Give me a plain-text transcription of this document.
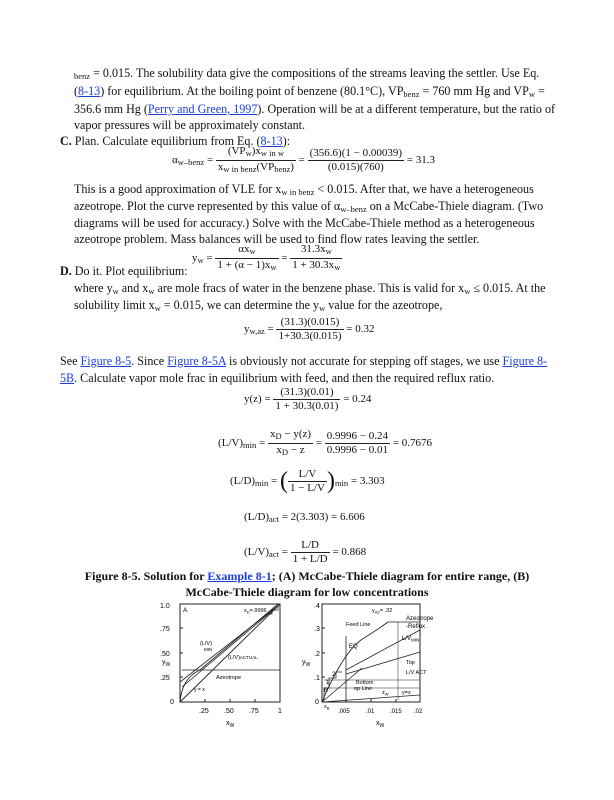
$_{benz}$ = 0.015. The solubility data give the compositions of the streams leaving the settler. Use Eq.
(8-13) for equilibrium. At the boiling point of benzene (80.1°C), $VP_{benz} = 760$ mm Hg and $VP_w$ =
356.6 mm Hg (Perry and Green, 1997). Operation will be at a different temperature, but the ratio of
vapor pressures will be approximately constant.
C. Plan. Calculate equilibrium from Eq. (8-13):
$\alpha_{w-benz} = \frac{(VP_w)x_{w in w}}{x_{w in benz}(VP_{benz})} = \frac{(356.6)(1 - 0.00039)}{(0.015)(760)} = 31.3$
This is a good approximation of VLE for $x_{w in benz} < 0.015$. After that, we have a heterogeneous
azeotrope. Plot the curve represented by this value of $\alpha_{w-benz}$ on a McCabe-Thiele diagram. (Two
diagrams will be used for accuracy.) Solve with the McCabe-Thiele method as a heterogeneous
azeotrope problem. Mass balances will be used to find flow rates leaving the settler.
D. Do it. Plot equilibrium:
$y_w = \frac{\alpha x_w}{1 + (\alpha - 1)x_w} = \frac{31.3x_w}{1 + 30.3x_w}$
where $y_w$ and $x_w$ are mole fracs of water in the benzene phase. This is valid for $x_w \le 0.015$. At the
solubility limit $x_w = 0.015$, we can determine the $y_w$ value for the azeotrope,
$y_{w,az} = \frac{(31.3)(0.015)}{1+30.3(0.015)} = 0.32$
See Figure 8-5. Since Figure 8-5A is obviously not accurate for stepping off stages, we use Figure 8-
5B. Calculate vapor mole frac in equilibrium with feed, and then the required reflux ratio.
$y(z) = \frac{(31.3)(0.01)}{1 + 30.3(0.01)} = 0.24$
$(L/V)_{min} = \frac{x_D - y(z)}{x_D - z} = \frac{0.9996 - 0.24}{0.9996 - 0.01} = 0.7676$
$(L/D)_{min}$ = ( $\frac{L/V}{1 - L/V} )_{min} = 3.303$
$(L/D)_{act} = 2(3.303) = 6.606$
$(L/V)_{act} = \frac{L/D}{1 + L/D} = 0.868$
Figure 8-5. Solution for Example 8-1; (A) McCabe-Thiele diagram for entire range, (B)
McCabe-Thiele diagram for low concentrations
1.0
.75
.50
.25
0
.25 .50 .75	1
$y_W$
$x_W$
A	$x_D=.9996$
(L/V)
MIN
(L/V)ACTUAL
Azeotrope
y = x
.4
.3
.2
.1
0
.005	.01	.015 .02
$x_B$
$y_W$
$x_W$
B
$y_{AZ}= .32$
Feed Line
Azeotrope
-Reflux
$L/V_{MIN}$
EQ
Top
L/V ACT
1
2
Bottom
op Line
$z_W$ y=x
